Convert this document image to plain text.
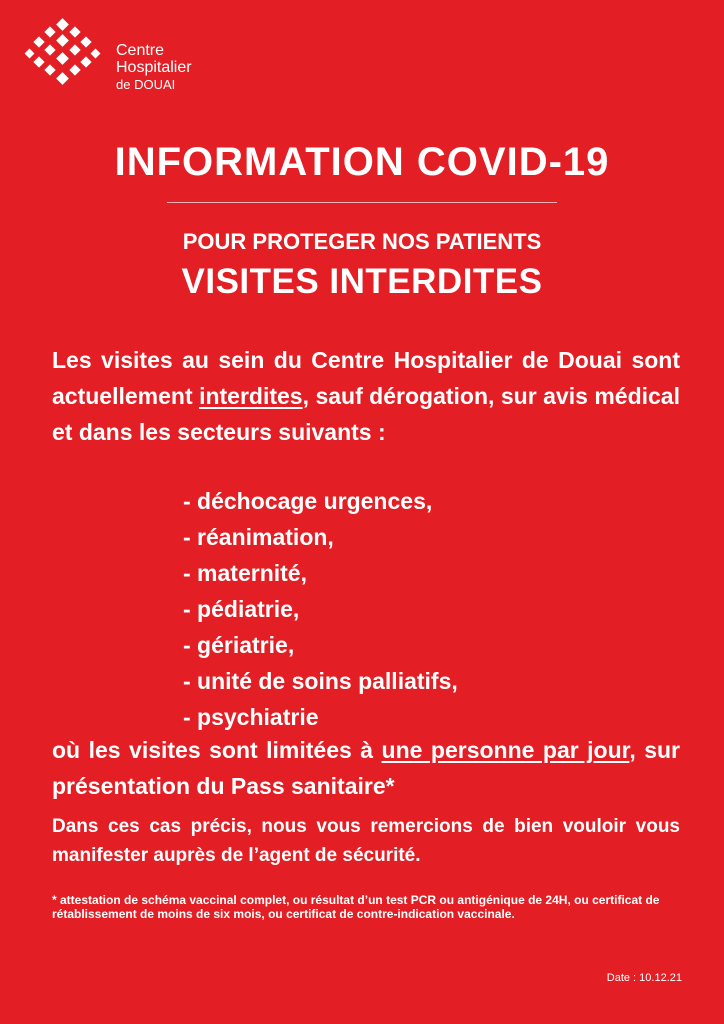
Centre
Hospitalier
de DOUAI
INFORMATION COVID-19
POUR PROTEGER NOS PATIENTS
VISITES INTERDITES

Les visites au sein du Centre Hospitalier de Douai sont actuellement interdites, sauf dérogation, sur avis médical et dans les secteurs suivants :

- déchocage urgences,
- réanimation,
- maternité,
- pédiatrie,
- gériatrie,
- unité de soins palliatifs,
- psychiatrie

où les visites sont limitées à une personne par jour, sur présentation du Pass sanitaire*

Dans ces cas précis, nous vous remercions de bien vouloir vous manifester auprès de l’agent de sécurité.

* attestation de schéma vaccinal complet, ou résultat d’un test PCR ou antigénique de 24H, ou certificat de rétablissement de moins de six mois, ou certificat de contre-indication vaccinale.

Date : 10.12.21
